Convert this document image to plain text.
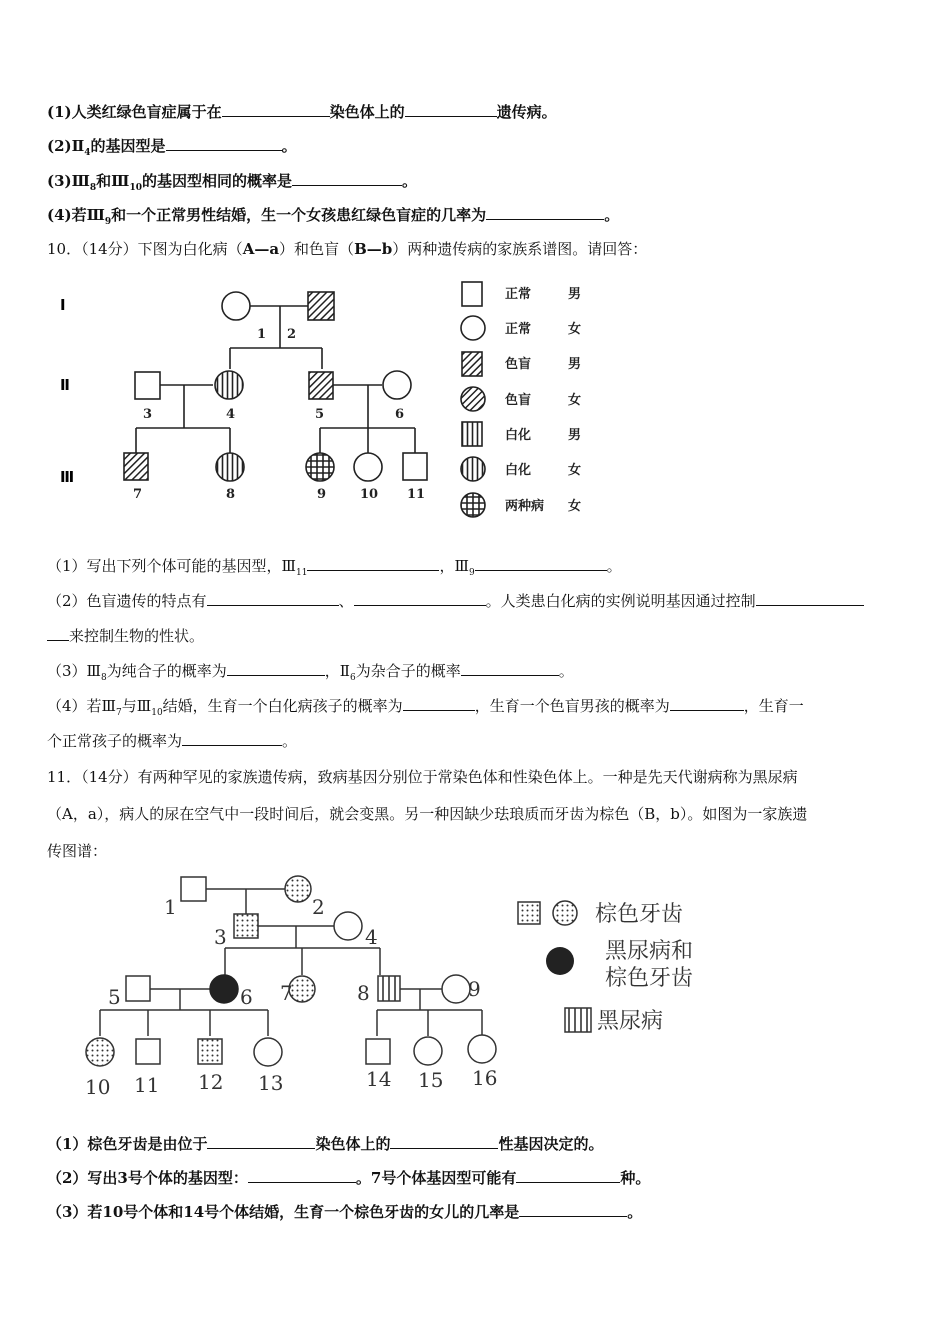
(1)人类红绿色盲症属于在	染色体上的	遗传病。
$(2)Ⅱ_4$的基因型是	。
$(3)Ⅲ_8$和$Ⅲ_{10}$的基因型相同的概率是	。
(4)若$Ⅲ_9$和一个正常男性结婚，生一个女孩患红绿色盲症的几率为	。
10．（14分）下图为白化病（A—a）和色盲（B—b）两种遗传病的家族系谱图。请回答：
Ⅰ
Ⅱ
Ⅲ
1 2
3	4	5	6
7	8	9	10 11
正常	男
正常	女
色盲	男
色盲	女
白化	男
白化	女
两种病 女
（1）写出下列个体可能的基因型，$Ⅲ_{11}$	，$Ⅲ_9$	。
（2）色盲遗传的特点有	、	。人类患白化病的实例说明基因通过控制
来控制生物的性状。
$(3)Ⅲ_8$为纯合子的概率为	，$Ⅱ_6$为杂合子的概率	。
（4）若$Ⅲ_7$与$Ⅲ_{10}$结婚，生育一个白化病孩子的概率为	，生育一个色盲男孩的概率为	，生育一
个正常孩子的概率为	。
11．（14分）有两种罕见的家族遗传病，致病基因分别位于常染色体和性染色体上。一种是先天代谢病称为黑尿病
（A，a），病人的尿在空气中一段时间后，就会变黑。另一种因缺少珐琅质而牙齿为棕色（B，b）。如图为一家族遗
传图谱：
1	2
3	4
5	6 7	8	9
10 11 12 13	14 15 16
棕色牙齿
黑尿病和
棕色牙齿
黑尿病
（1）棕色牙齿是由位于	染色体上的	性基因决定的。
（2）写出3号个体的基因型：	。7号个体基因型可能有	种。
（3）若10号个体和14号个体结婚，生育一个棕色牙齿的女儿的几率是	。
